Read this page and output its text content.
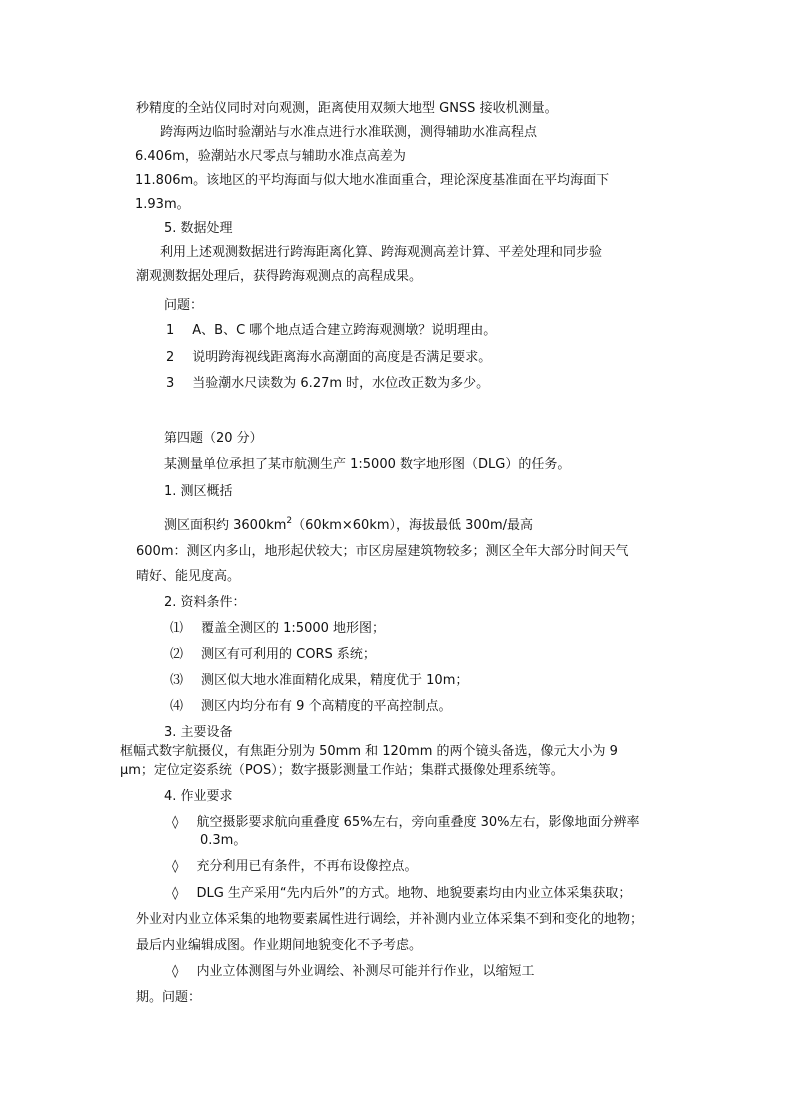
秒精度的全站仪同时对向观测，距离使用双频大地型 GNSS 接收机测量。
跨海两边临时验潮站与水准点进行水准联测，测得辅助水准高程点
6.406m，验潮站水尺零点与辅助水准点高差为
11.806m。该地区的平均海面与似大地水准面重合，理论深度基准面在平均海面下
1.93m。
5. 数据处理
利用上述观测数据进行跨海距离化算、跨海观测高差计算、平差处理和同步验
潮观测数据处理后，获得跨海观测点的高程成果。
问题：
1 A、B、C 哪个地点适合建立跨海观测墩？说明理由。
2 说明跨海视线距离海水高潮面的高度是否满足要求。
3 当验潮水尺读数为 6.27m 时，水位改正数为多少。
第四题（20 分）
某测量单位承担了某市航测生产 1:5000 数字地形图（DLG）的任务。
1. 测区概括
测区面积约 $3600km^2(60km\times 60km)$，海拔最低 300m/最高
600m：测区内多山，地形起伏较大；市区房屋建筑物较多；测区全年大部分时间天气
晴好、能见度高。
2. 资料条件：
⑴ 覆盖全测区的 1:5000 地形图；
⑵ 测区有可利用的 CORS 系统；
⑶ 测区似大地水准面精化成果，精度优于 10m；
⑷ 测区内均分布有 9 个高精度的平高控制点。
3. 主要设备
框幅式数字航摄仪，有焦距分别为 50mm 和 120mm 的两个镜头备选，像元大小为 9
μm；定位定姿系统（POS）；数字摄影测量工作站；集群式摄像处理系统等。
4. 作业要求
◊ 航空摄影要求航向重叠度 65%左右，旁向重叠度 30%左右，影像地面分辨率
0.3m。
◊ 充分利用已有条件，不再布设像控点。
◊ DLG 生产采用“先内后外”的方式。地物、地貌要素均由内业立体采集获取；
外业对内业立体采集的地物要素属性进行调绘，并补测内业立体采集不到和变化的地物；
最后内业编辑成图。作业期间地貌变化不予考虑。
◊ 内业立体测图与外业调绘、补测尽可能并行作业，以缩短工
期。问题：
